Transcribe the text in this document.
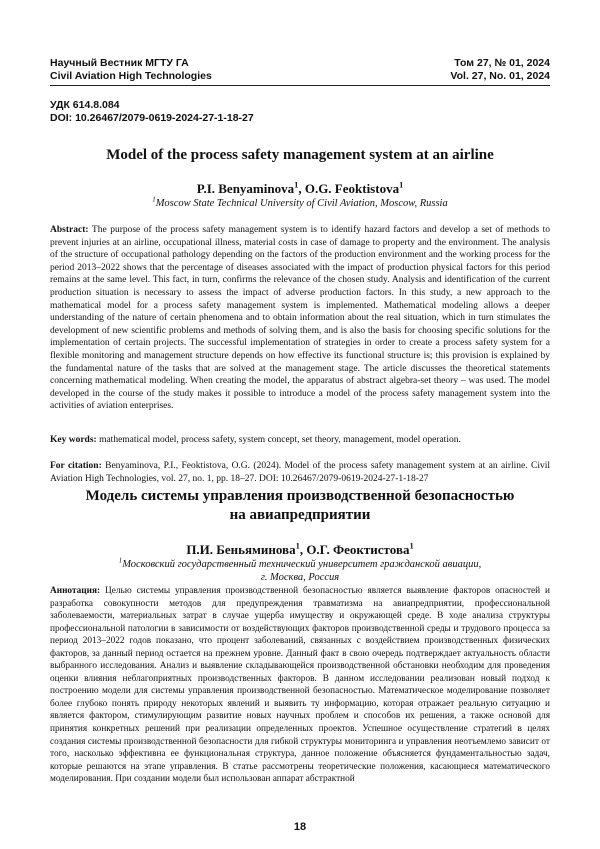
Научный Вестник МГТУ ГА	Том 27, № 01, 2024
Civil Aviation High Technologies	Vol. 27, No. 01, 2024
УДК 614.8.084
DOI: 10.26467/2079-0619-2024-27-1-18-27
Model of the process safety management system at an airline
P.I. Benyaminova$^1$, O.G. Feoktistova$^1$
$^1$Moscow State Technical University of Civil Aviation, Moscow, Russia
Abstract: The purpose of the process safety management system is to identify hazard factors and develop a set of methods to prevent injuries at an airline, occupational illness, material costs in case of damage to property and the environment. The analysis of the structure of occupational pathology depending on the factors of the production environment and the working process for the period 2013–2022 shows that the percentage of diseases associated with the impact of production physical factors for this period remains at the same level. This fact, in turn, confirms the relevance of the chosen study. Analysis and identification of the current production situation is necessary to assess the impact of adverse production factors. In this study, a new approach to the mathematical model for a process safety management system is implemented. Mathematical modeling allows a deeper understanding of the nature of certain phenomena and to obtain information about the real situation, which in turn stimulates the development of new scientific problems and methods of solving them, and is also the basis for choosing specific solutions for the implementation of certain projects. The successful implementation of strategies in order to create a process safety system for a flexible monitoring and management structure depends on how effective its functional structure is; this provision is explained by the fundamental nature of the tasks that are solved at the management stage. The article discusses the theoretical statements concerning mathematical modeling. When creating the model, the apparatus of abstract algebra-set theory – was used. The model developed in the course of the study makes it possible to introduce a model of the process safety management system into the activities of aviation enterprises.
Key words: mathematical model, process safety, system concept, set theory, management, model operation.
For citation: Benyaminova, P.I., Feoktistova, O.G. (2024). Model of the process safety management system at an airline. Civil Aviation High Technologies, vol. 27, no. 1, pp. 18–27. DOI: 10.26467/2079-0619-2024-27-1-18-27
Модель системы управления производственной безопасностью
на авиапредприятии
П.И. Беньяминова$^1$, О.Г. Феоктистова$^1$
$^1$Московский государственный технический университет гражданской авиации,
г. Москва, Россия
Аннотация: Целью системы управления производственной безопасностью является выявление факторов опасностей и разработка совокупности методов для предупреждения травматизма на авиапредприятии, профессиональной заболеваемости, материальных затрат в случае ущерба имуществу и окружающей среде. В ходе анализа структуры профессиональной патологии в зависимости от воздействующих факторов производственной среды и трудового процесса за период 2013–2022 годов показано, что процент заболеваний, связанных с воздействием производственных физических факторов, за данный период остается на прежнем уровне. Данный факт в свою очередь подтверждает актуальность области выбранного исследования. Анализ и выявление складывающейся производственной обстановки необходим для проведения оценки влияния неблагоприятных производственных факторов. В данном исследовании реализован новый подход к построению модели для системы управления производственной безопасностью. Математическое моделирование позволяет более глубоко понять природу некоторых явлений и выявить ту информацию, которая отражает реальную ситуацию и является фактором, стимулирующим развитие новых научных проблем и способов их решения, а также основой для принятия конкретных решений при реализации определенных проектов. Успешное осуществление стратегий в целях создания системы производственной безопасности для гибкой структуры мониторинга и управления неотъемлемо зависит от того, насколько эффективна ее функциональная структура, данное положение объясняется фундаментальностью задач, которые решаются на этапе управления. В статье рассмотрены теоретические положения, касающиеся математического моделирования. При создании модели был использован аппарат абстрактной
18
